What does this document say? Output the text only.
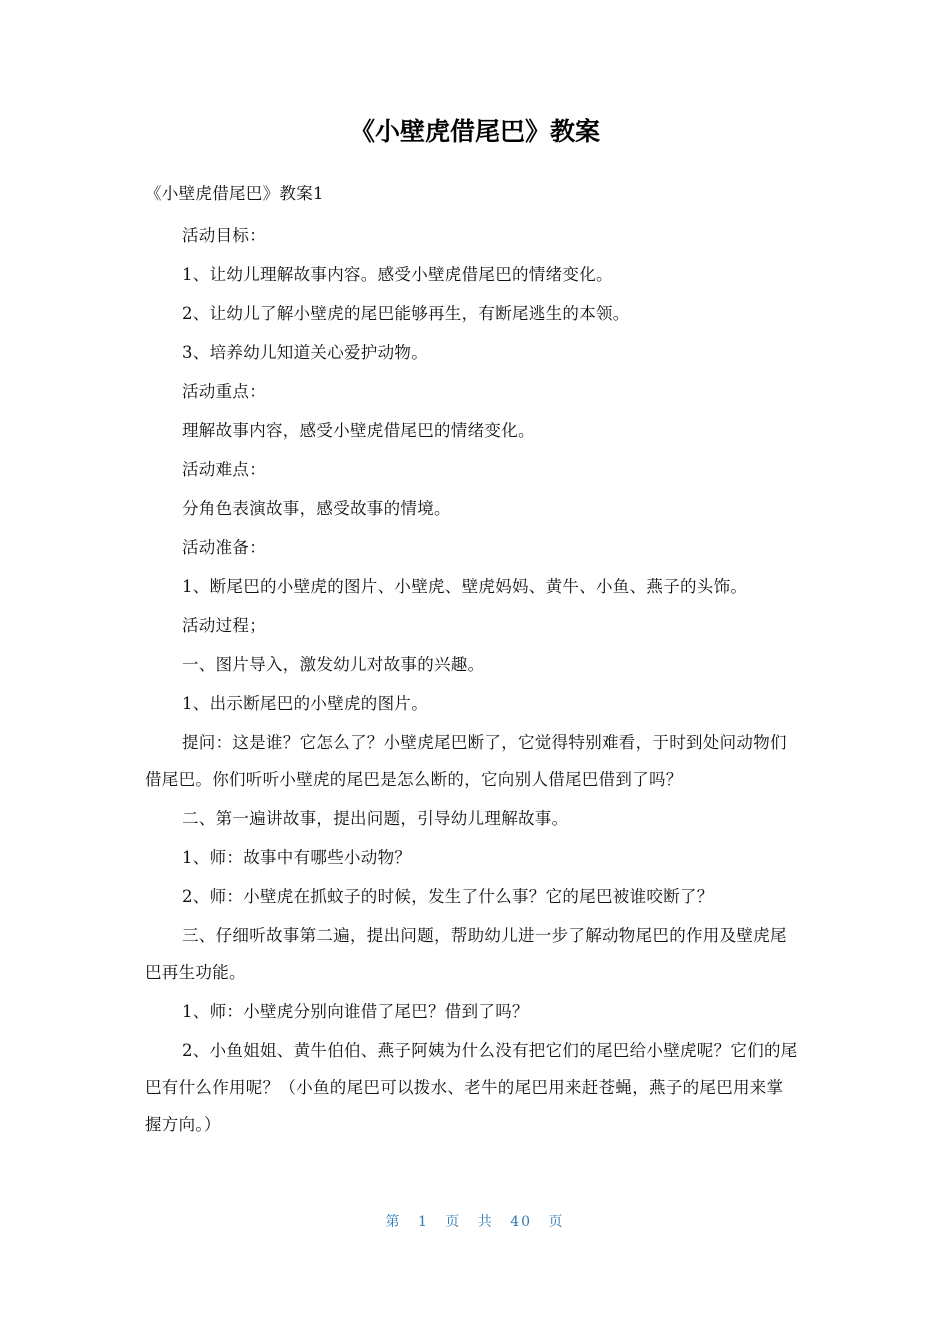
《小壁虎借尾巴》教案

《小壁虎借尾巴》教案1

活动目标：

1、让幼儿理解故事内容。感受小壁虎借尾巴的情绪变化。

2、让幼儿了解小壁虎的尾巴能够再生，有断尾逃生的本领。

3、培养幼儿知道关心爱护动物。

活动重点：

理解故事内容，感受小壁虎借尾巴的情绪变化。

活动难点：

分角色表演故事，感受故事的情境。

活动准备：

1、断尾巴的小壁虎的图片、小壁虎、壁虎妈妈、黄牛、小鱼、燕子的头饰。

活动过程；

一、图片导入，激发幼儿对故事的兴趣。

1、出示断尾巴的小壁虎的图片。

提问：这是谁？它怎么了？小壁虎尾巴断了，它觉得特别难看，于时到处问动物们借尾巴。你们听听小壁虎的尾巴是怎么断的，它向别人借尾巴借到了吗？

二、第一遍讲故事，提出问题，引导幼儿理解故事。

1、师：故事中有哪些小动物？

2、师：小壁虎在抓蚊子的时候，发生了什么事？它的尾巴被谁咬断了？

三、仔细听故事第二遍，提出问题，帮助幼儿进一步了解动物尾巴的作用及壁虎尾巴再生功能。

1、师：小壁虎分别向谁借了尾巴？借到了吗？

2、小鱼姐姐、黄牛伯伯、燕子阿姨为什么没有把它们的尾巴给小壁虎呢？它们的尾巴有什么作用呢？（小鱼的尾巴可以拨水、老牛的尾巴用来赶苍蝇，燕子的尾巴用来掌握方向。）

第 1 页 共 40 页
